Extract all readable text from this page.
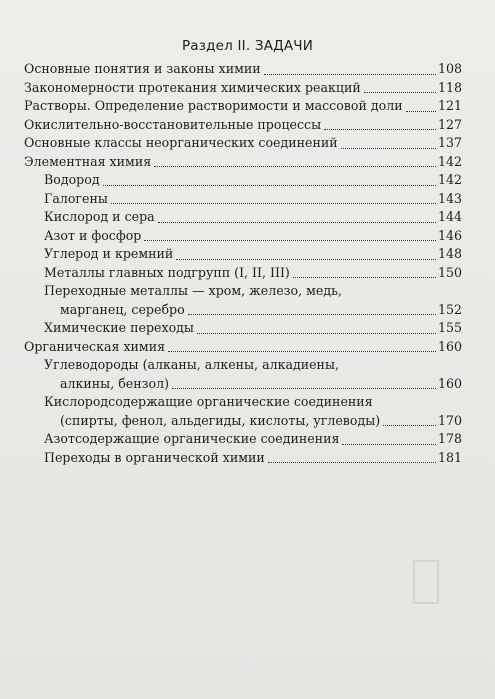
Раздел II. ЗАДАЧИ
Основные понятия и законы химии	108
Закономерности протекания химических реакций	118
Растворы. Определение растворимости и массовой доли	121
Окислительно-восстановительные процессы	127
Основные классы неорганических соединений	137
Элементная химия	142
Водород	142
Галогены	143
Кислород и сера	144
Азот и фосфор	146
Углерод и кремний	148
Металлы главных подгрупп (I, II, III)	150
Переходные металлы — хром, железо, медь,
марганец, серебро	152
Химические переходы	155
Органическая химия	160
Углеводороды (алканы, алкены, алкадиены,
алкины, бензол)	160
Кислородсодержащие органические соединения
(спирты, фенол, альдегиды, кислоты, углеводы)	170
Азотсодержащие органические соединения	178
Переходы в органической химии	181
